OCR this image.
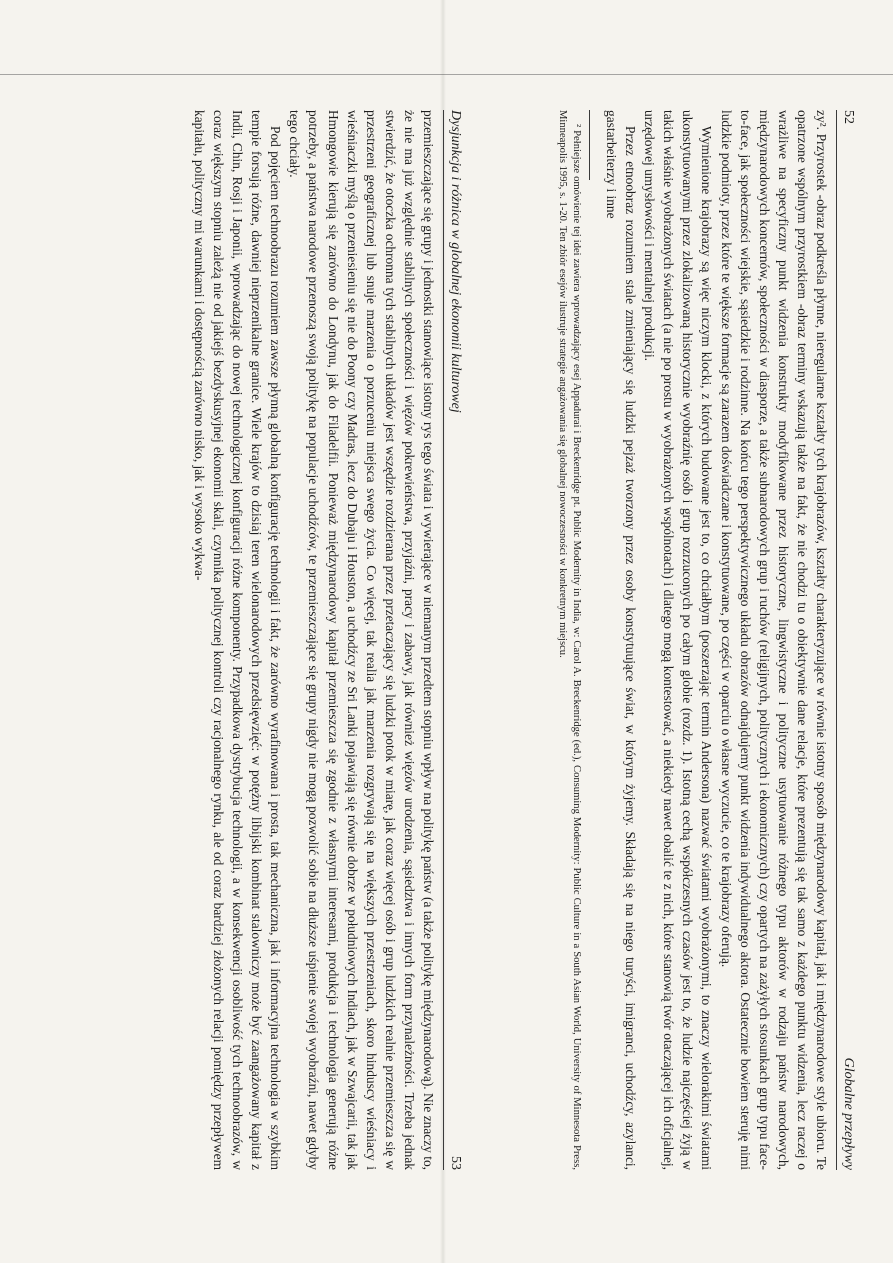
52
Globalne przepływy

zy². Przyrostek -obraz podkreśla płynne, nieregularne kształty tych krajobrazów, kształty charakteryzujące w równie istotny sposób międzynarodowy kapitał, jak i międzynarodowe style ubioru. Te opatrzone wspólnym przyrostkiem -obraz terminy wskazują także na fakt, że nie chodzi tu o obiektywnie dane relacje, które prezentują się tak samo z każdego punktu widzenia, lecz raczej o wrażliwe na specyficzny punkt widzenia konstrukty modyfikowane przez historyczne, lingwistyczne i polityczne usytuowanie różnego typu aktorów w rodzaju państw narodowych, międzynarodowych koncernów, społeczności w diasporze, a także subnarodowych grup i ruchów (religijnych, politycznych i ekonomicznych) czy opartych na zażyłych stosunkach grup typu face-to-face, jak społeczności wiejskie, sąsiedzkie i rodzinne. Na końcu tego perspektywicznego układu obrazów odnajdujemy punkt widzenia indywidualnego aktora. Ostatecznie bowiem steruję nimi ludzkie podmioty, przez które te większe formacje są zarazem doświadczane i konstytuowane, po części w oparciu o własne wyczucie, co te krajobrazy oferują.

Wymienione krajobrazy są więc niczym klocki, z których budowane jest to, co chciałbym (poszerzając termin Andersona) nazwać światami wyobrażonymi, to znaczy wielorakimi światami ukonstytuowanymi przez zlokalizowaną historycznie wyobraźnię osób i grup rozrzuconych po całym globie (rozdz. 1). Istotną cechą współczesnych czasów jest to, że ludzie najczęściej żyją w takich właśnie wyobrażonych światach (a nie po prostu w wyobrażonych wspólnotach) i dlatego mogą kontestować, a niekiedy nawet obalić te z nich, które stanowią twór otaczającej ich oficjalnej, urzędowej umysłowości i mentalnej produkcji.

Przez etnoobraz rozumiem stale zmieniający się ludzki pejzaż tworzony przez osoby konstytuujące świat, w którym żyjemy. Składają się na niego turyści, imigranci, uchodźcy, azylanci, gastarbeiterzy i inne

² Pełniejsze omówienie tej idei zawiera wprowadzający esej Appadurai i Breckenridge pt. Public Modernity in India, w: Carol A. Breckenridge (ed.), Consuming Modernity: Public Culture in a South Asian World, University of Minnesota Press, Minneapolis 1995, s. 1-20. Ten zbiór esejów ilustruje strategie angażowania się globalnej nowoczesności w konkretnym miejscu.
Dysjunkcja i różnica w globalnej ekonomii kulturowej
53

przemieszczające się grupy i jednostki stanowiące istotny rys tego świata i wywierające w niemanym przedtem stopniu wpływ na politykę państw (a także politykę międzynarodową). Nie znaczy to, że nie ma już względnie stabilnych społeczności i więzów pokrewieństwa, przyjaźni, pracy i zabawy, jak również więzów urodzenia, sąsiedztwa i innych form przynależności. Trzeba jednak stwierdzić, że otoczka ochronna tych stabilnych układów jest wszędzie rozdzierana przez przetaczający się ludzki potok w miarę, jak coraz więcej osób i grup ludzkich realnie przemieszcza się w przestrzeni geograficznej lub snuje marzenia o porzuceniu miejsca swego życia. Co więcej, tak realia jak marzenia rozgrywają się na większych przestrzeniach, skoro hinduscy wieśniacy i wieśniaczki myślą o przeniesieniu się nie do Poony czy Madras, lecz do Dubaju i Houston, a uchodźcy ze Sri Lanki pojawiają się równie dobrze w południowych Indiach, jak w Szwajcarii, tak jak Hmongowie kierują się zarówno do Londynu, jak do Filadelfii. Ponieważ międzynarodowy kapitał przemieszcza się zgodnie z własnymi interesami, produkcja i technologia generują różne potrzeby, a państwa narodowe przenoszą swoją politykę na populacje uchodźców, te przemieszczające się grupy nigdy nie mogą pozwolić sobie na dłuższe uśpienie swojej wyobraźni, nawet gdyby tego chciały.

Pod pojęciem technoobrazu rozumiem zawsze płynną globalną konfigurację technologii i fakt, że zarówno wyrafinowana i prosta, tak mechaniczna, jak i informacyjna technologia w szybkim tempie forsują różne, dawniej nieprzenikalne granice. Wiele krajów to dzisiaj teren wielonarodowych przedsięwzięć: w potężny libijski kombinat stalowniczy może być zaangażowany kapitał z Indii, Chin, Rosji i Japonii, wprowadzając do nowej technologicznej konfiguracji różne komponenty. Przypadkowa dystrybucja technologii, a w konsekwencji osobliwość tych technoobrazów, w coraz większym stopniu zależą nie od jakiejś bezdyskusyjnej ekonomii skali, czynnika politycznej kontroli czy racjonalnego rynku, ale od coraz bardziej złożonych relacji pomiędzy przepływem kapitału, polityczny mi warunkami i dostępnością zarówno nisko, jak i wysoko wykwa-
